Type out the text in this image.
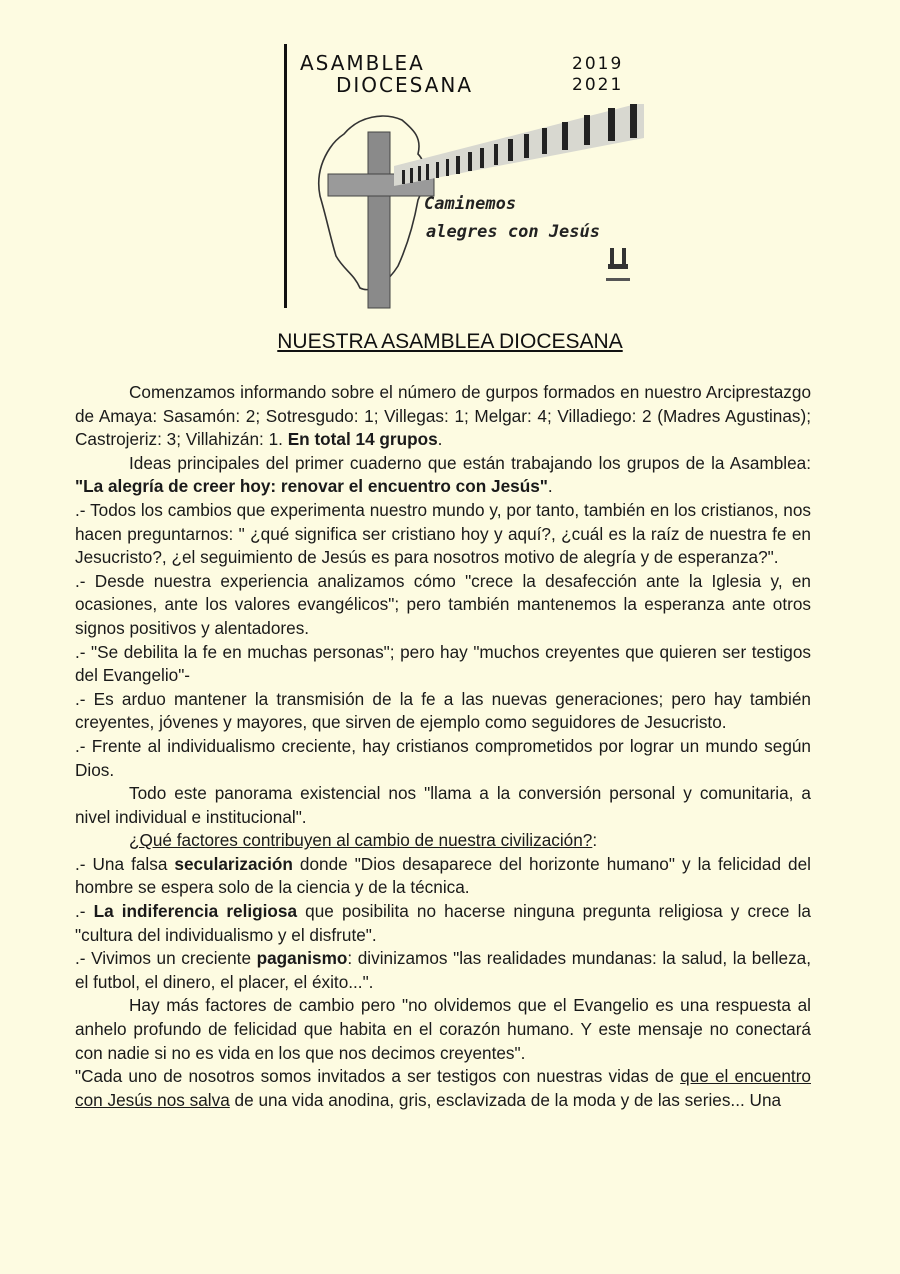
ASAMBLEA
DIOCESANA
2019
2021
Caminemos
alegres con Jesús
NUESTRA ASAMBLEA DIOCESANA

Comenzamos informando sobre el número de gurpos formados en nuestro Arciprestazgo de Amaya: Sasamón: 2; Sotresgudo: 1; Villegas: 1; Melgar: 4; Villadiego: 2 (Madres Agustinas); Castrojeriz: 3; Villahizán: 1. En total 14 grupos.

Ideas principales del primer cuaderno que están trabajando los grupos de la Asamblea: "La alegría de creer hoy: renovar el encuentro con Jesús".

.- Todos los cambios que experimenta nuestro mundo y, por tanto, también en los cristianos, nos hacen preguntarnos: " ¿qué significa ser cristiano hoy y aquí?, ¿cuál es la raíz de nuestra fe en Jesucristo?, ¿el seguimiento de Jesús es para nosotros motivo de alegría y de esperanza?".

.- Desde nuestra experiencia analizamos cómo "crece la desafección ante la Iglesia y, en ocasiones, ante los valores evangélicos"; pero también mantenemos la esperanza ante otros signos positivos y alentadores.

.- "Se debilita la fe en muchas personas"; pero hay "muchos creyentes que quieren ser testigos del Evangelio"-

.- Es arduo mantener la transmisión de la fe a las nuevas generaciones; pero hay también creyentes, jóvenes y mayores, que sirven de ejemplo como seguidores de Jesucristo.

.- Frente al individualismo creciente, hay cristianos comprometidos por lograr un mundo según Dios.

Todo este panorama existencial nos "llama a la conversión personal y comunitaria, a nivel individual e institucional".

¿Qué factores contribuyen al cambio de nuestra civilización?:

.- Una falsa secularización donde "Dios desaparece del horizonte humano" y la felicidad del hombre se espera solo de la ciencia y de la técnica.

.- La indiferencia religiosa que posibilita no hacerse ninguna pregunta religiosa y crece la "cultura del individualismo y el disfrute".

.- Vivimos un creciente paganismo: divinizamos "las realidades mundanas: la salud, la belleza, el futbol, el dinero, el placer, el éxito...".

Hay más factores de cambio pero "no olvidemos que el Evangelio es una respuesta al anhelo profundo de felicidad que habita en el corazón humano. Y este mensaje no conectará con nadie si no es vida en los que nos decimos creyentes".

"Cada uno de nosotros somos invitados a ser testigos con nuestras vidas de que el encuentro con Jesús nos salva de una vida anodina, gris, esclavizada de la moda y de las series... Una
